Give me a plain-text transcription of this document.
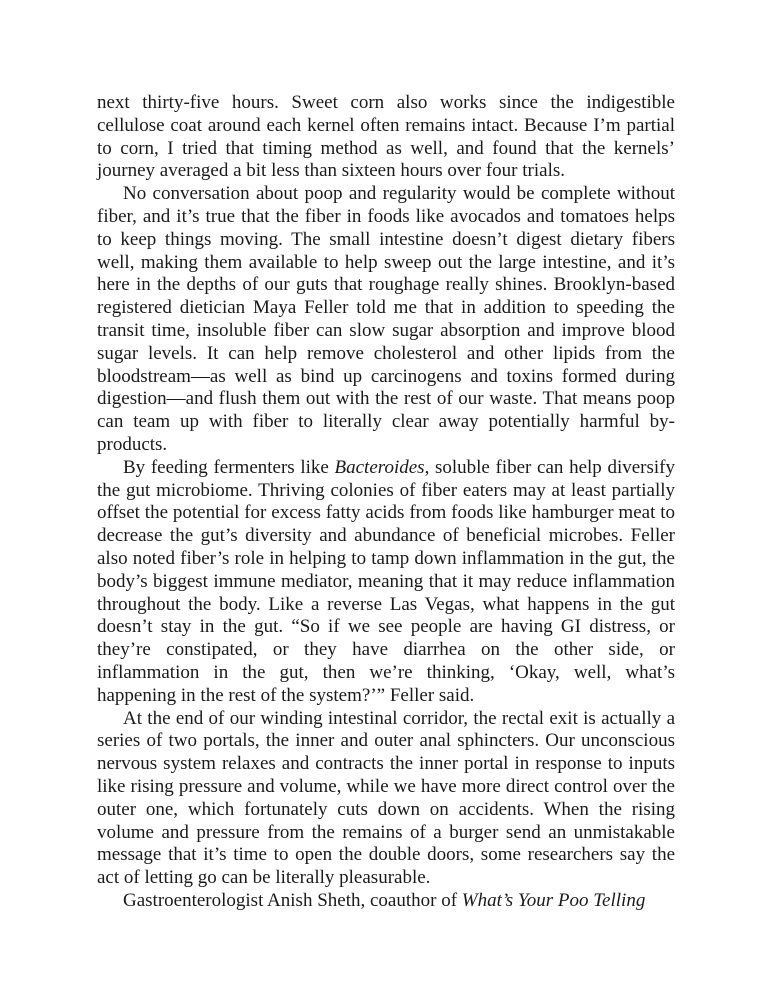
next thirty-five hours. Sweet corn also works since the indigestible cellulose coat around each kernel often remains intact. Because I’m partial to corn, I tried that timing method as well, and found that the kernels’ journey averaged a bit less than sixteen hours over four trials.

No conversation about poop and regularity would be complete without fiber, and it’s true that the fiber in foods like avocados and tomatoes helps to keep things moving. The small intestine doesn’t digest dietary fibers well, making them available to help sweep out the large intestine, and it’s here in the depths of our guts that roughage really shines. Brooklyn-based registered dietician Maya Feller told me that in addition to speeding the transit time, insoluble fiber can slow sugar absorption and improve blood sugar levels. It can help remove cholesterol and other lipids from the bloodstream—as well as bind up carcinogens and toxins formed during digestion—and flush them out with the rest of our waste. That means poop can team up with fiber to literally clear away potentially harmful by-products.

By feeding fermenters like Bacteroides, soluble fiber can help diversify the gut microbiome. Thriving colonies of fiber eaters may at least partially offset the potential for excess fatty acids from foods like hamburger meat to decrease the gut’s diversity and abundance of beneficial microbes. Feller also noted fiber’s role in helping to tamp down inflammation in the gut, the body’s biggest immune mediator, meaning that it may reduce inflammation throughout the body. Like a reverse Las Vegas, what happens in the gut doesn’t stay in the gut. “So if we see people are having GI distress, or they’re constipated, or they have diarrhea on the other side, or inflammation in the gut, then we’re thinking, ‘Okay, well, what’s happening in the rest of the system?’” Feller said.

At the end of our winding intestinal corridor, the rectal exit is actually a series of two portals, the inner and outer anal sphincters. Our unconscious nervous system relaxes and contracts the inner portal in response to inputs like rising pressure and volume, while we have more direct control over the outer one, which fortunately cuts down on accidents. When the rising volume and pressure from the remains of a burger send an unmistakable message that it’s time to open the double doors, some researchers say the act of letting go can be literally pleasurable.

Gastroenterologist Anish Sheth, coauthor of What’s Your Poo Telling
